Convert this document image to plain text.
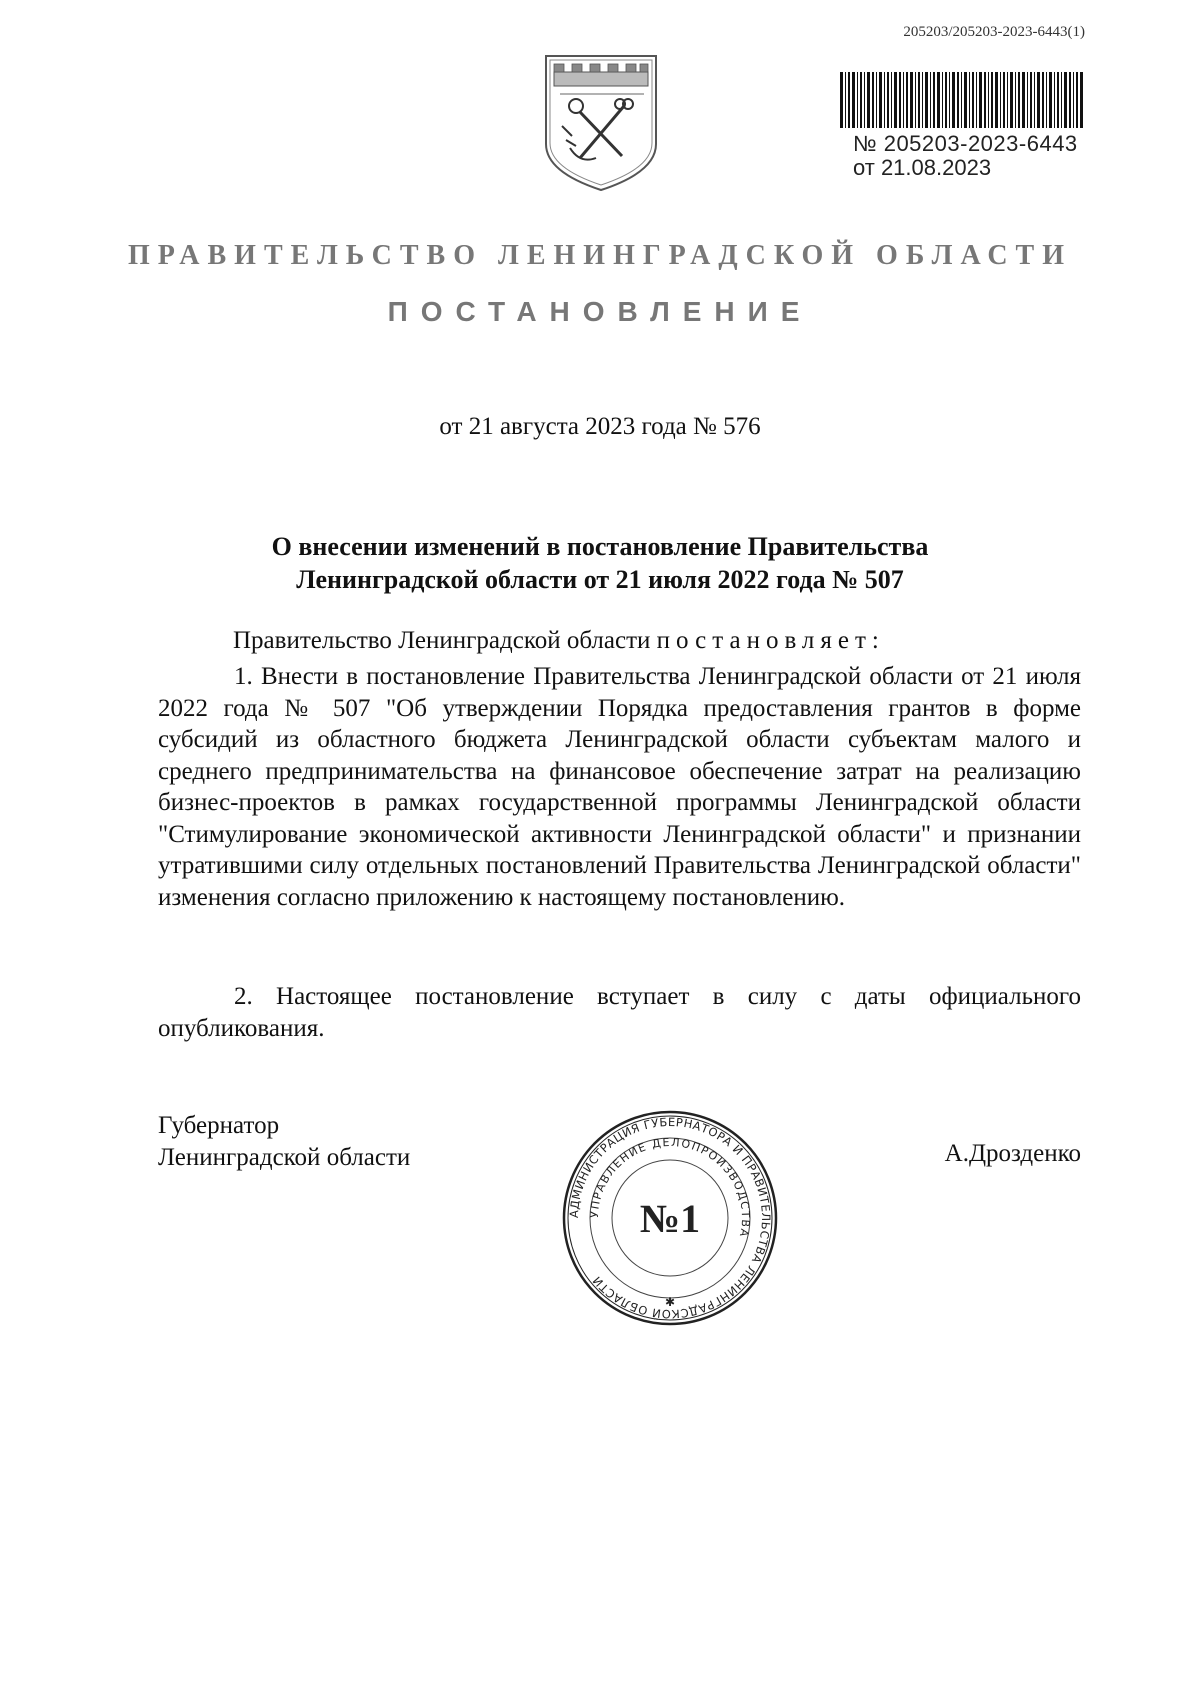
205203/205203-2023-6443(1)
№ 205203-2023-6443
от 21.08.2023
ПРАВИТЕЛЬСТВО ЛЕНИНГРАДСКОЙ ОБЛАСТИ
ПОСТАНОВЛЕНИЕ
от 21 августа 2023 года № 576
О внесении изменений в постановление Правительства
Ленинградской области от 21 июля 2022 года № 507
Правительство Ленинградской области постановляет:
1. Внести в постановление Правительства Ленинградской области от 21 июля 2022 года № 507 "Об утверждении Порядка предоставления грантов в форме субсидий из областного бюджета Ленинградской области субъектам малого и среднего предпринимательства на финансовое обеспечение затрат на реализацию бизнес-проектов в рамках государственной программы Ленинградской области "Стимулирование экономической активности Ленинградской области" и признании утратившими силу отдельных постановлений Правительства Ленинградской области" изменения согласно приложению к настоящему постановлению.
2. Настоящее постановление вступает в силу с даты официального опубликования.
Губернатор
Ленинградской области
АДМИНИСТРАЦИЯ ГУБЕРНАТОРА И ПРАВИТЕЛЬСТВА ЛЕНИНГРАДСКОЙ ОБЛАСТИ
УПРАВЛЕНИЕ ДЕЛОПРОИЗВОДСТВА
№1
✱
А.Дрозденко
